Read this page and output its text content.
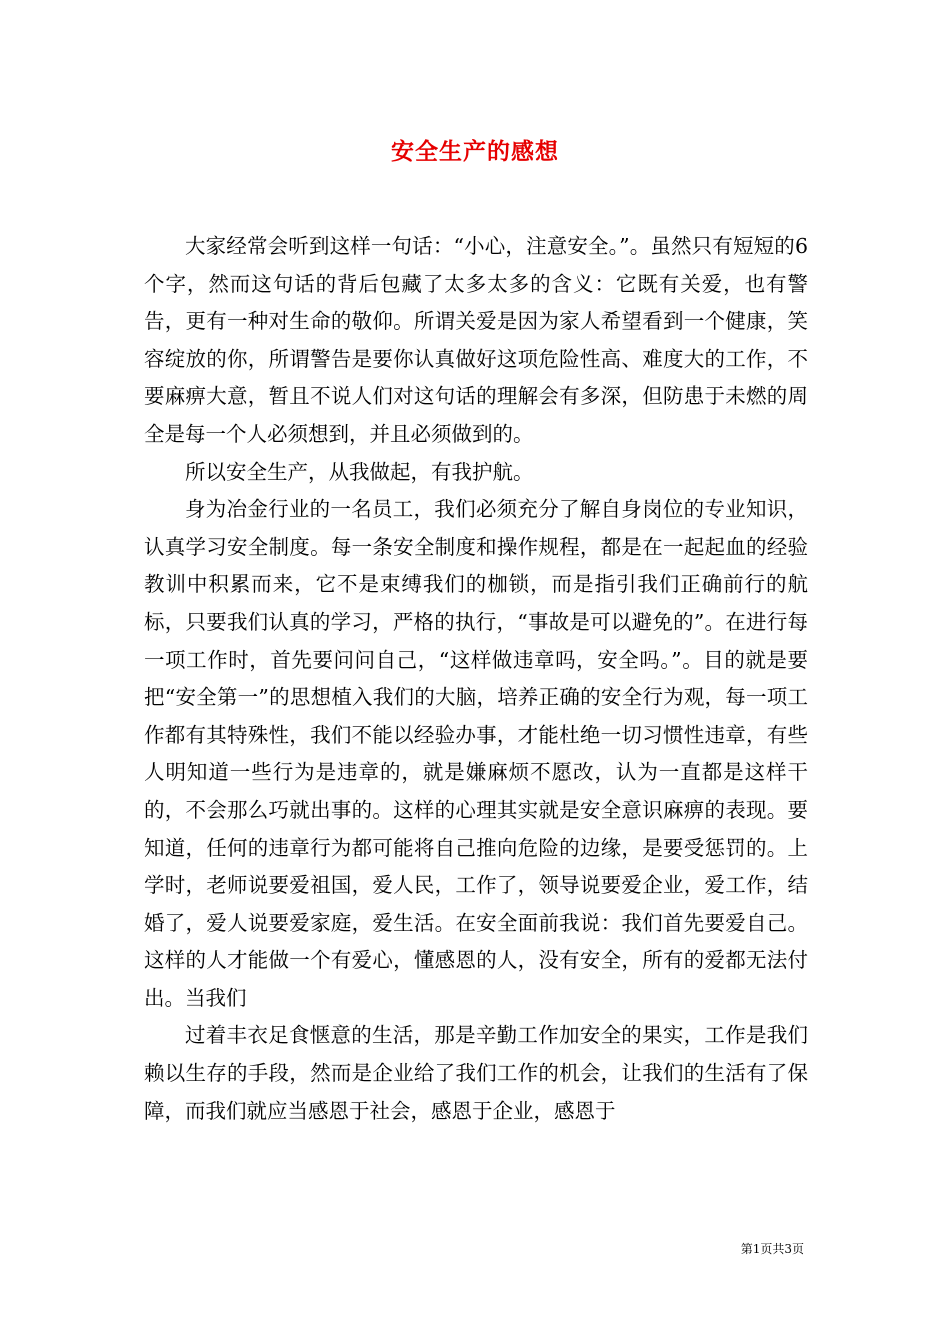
安全生产的感想

大家经常会听到这样一句话：“小心，注意安全。”。虽然只有短短的6个字，然而这句话的背后包藏了太多太多的含义：它既有关爱，也有警告，更有一种对生命的敬仰。所谓关爱是因为家人希望看到一个健康，笑容绽放的你，所谓警告是要你认真做好这项危险性高、难度大的工作，不要麻痹大意，暂且不说人们对这句话的理解会有多深，但防患于未燃的周全是每一个人必须想到，并且必须做到的。

所以安全生产，从我做起，有我护航。

身为冶金行业的一名员工，我们必须充分了解自身岗位的专业知识，认真学习安全制度。每一条安全制度和操作规程，都是在一起起血的经验教训中积累而来，它不是束缚我们的枷锁，而是指引我们正确前行的航标，只要我们认真的学习，严格的执行，“事故是可以避免的”。在进行每一项工作时，首先要问问自己，“这样做违章吗，安全吗。”。目的就是要把“安全第一”的思想植入我们的大脑，培养正确的安全行为观，每一项工作都有其特殊性，我们不能以经验办事，才能杜绝一切习惯性违章，有些人明知道一些行为是违章的，就是嫌麻烦不愿改，认为一直都是这样干的，不会那么巧就出事的。这样的心理其实就是安全意识麻痹的表现。要知道，任何的违章行为都可能将自己推向危险的边缘，是要受惩罚的。上学时，老师说要爱祖国，爱人民，工作了，领导说要爱企业，爱工作，结婚了，爱人说要爱家庭，爱生活。在安全面前我说：我们首先要爱自己。这样的人才能做一个有爱心，懂感恩的人，没有安全，所有的爱都无法付出。当我们

过着丰衣足食惬意的生活，那是辛勤工作加安全的果实，工作是我们赖以生存的手段，然而是企业给了我们工作的机会，让我们的生活有了保障，而我们就应当感恩于社会，感恩于企业，感恩于

第1页共3页
